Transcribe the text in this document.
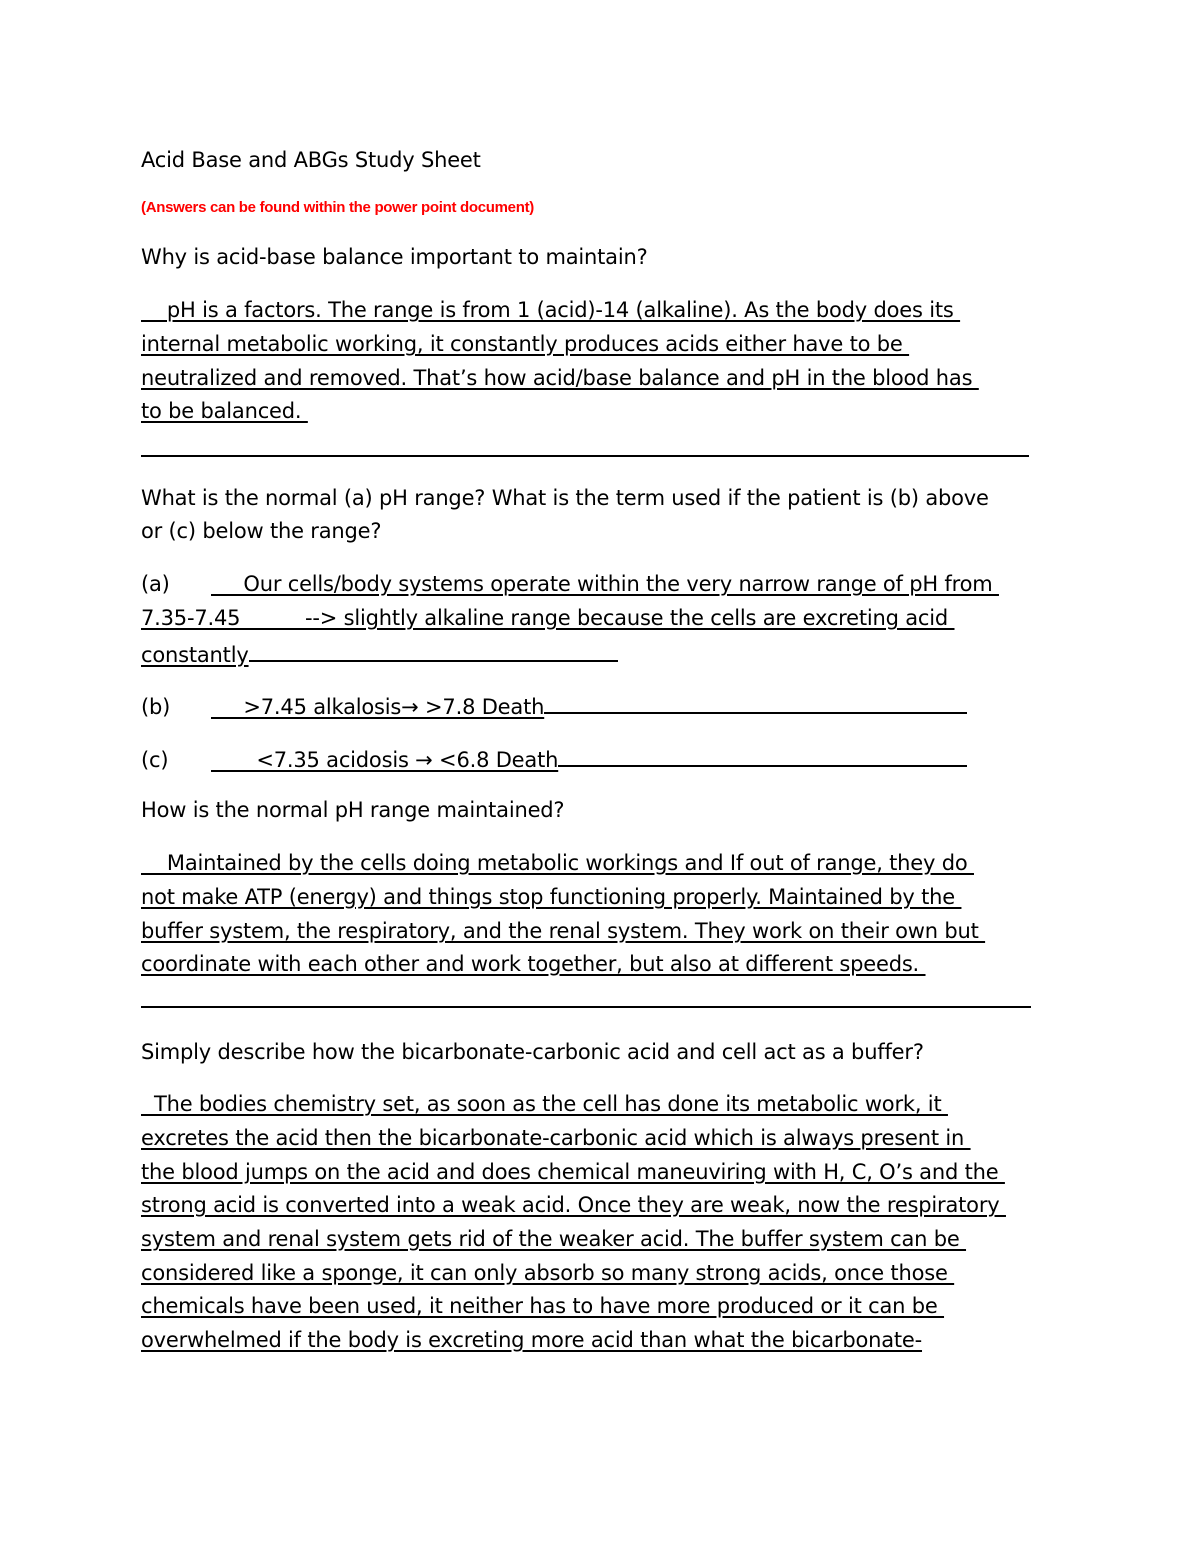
Acid Base and ABGs Study Sheet
(Answers can be found within the power point document)
Why is acid-base balance important to maintain?
pH is a factors. The range is from 1 (acid)-14 (alkaline). As the body does its
internal metabolic working, it constantly produces acids either have to be
neutralized and removed. That’s how acid/base balance and pH in the blood has
to be balanced.
What is the normal (a) pH range? What is the term used if the patient is (b) above
or (c) below the range?
(a)     Our cells/body systems operate within the very narrow range of pH from
7.35-7.45          --> slightly alkaline range because the cells are excreting acid
constantly
(b)     >7.45 alkalosis→ >7.8 Death
(c)       <7.35 acidosis → <6.8 Death
How is the normal pH range maintained?
Maintained by the cells doing metabolic workings and If out of range, they do
not make ATP (energy) and things stop functioning properly. Maintained by the
buffer system, the respiratory, and the renal system. They work on their own but
coordinate with each other and work together, but also at different speeds.
Simply describe how the bicarbonate-carbonic acid and cell act as a buffer?
The bodies chemistry set, as soon as the cell has done its metabolic work, it
excretes the acid then the bicarbonate-carbonic acid which is always present in
the blood jumps on the acid and does chemical maneuviring with H, C, O’s and the
strong acid is converted into a weak acid. Once they are weak, now the respiratory
system and renal system gets rid of the weaker acid. The buffer system can be
considered like a sponge, it can only absorb so many strong acids, once those
chemicals have been used, it neither has to have more produced or it can be
overwhelmed if the body is excreting more acid than what the bicarbonate-
